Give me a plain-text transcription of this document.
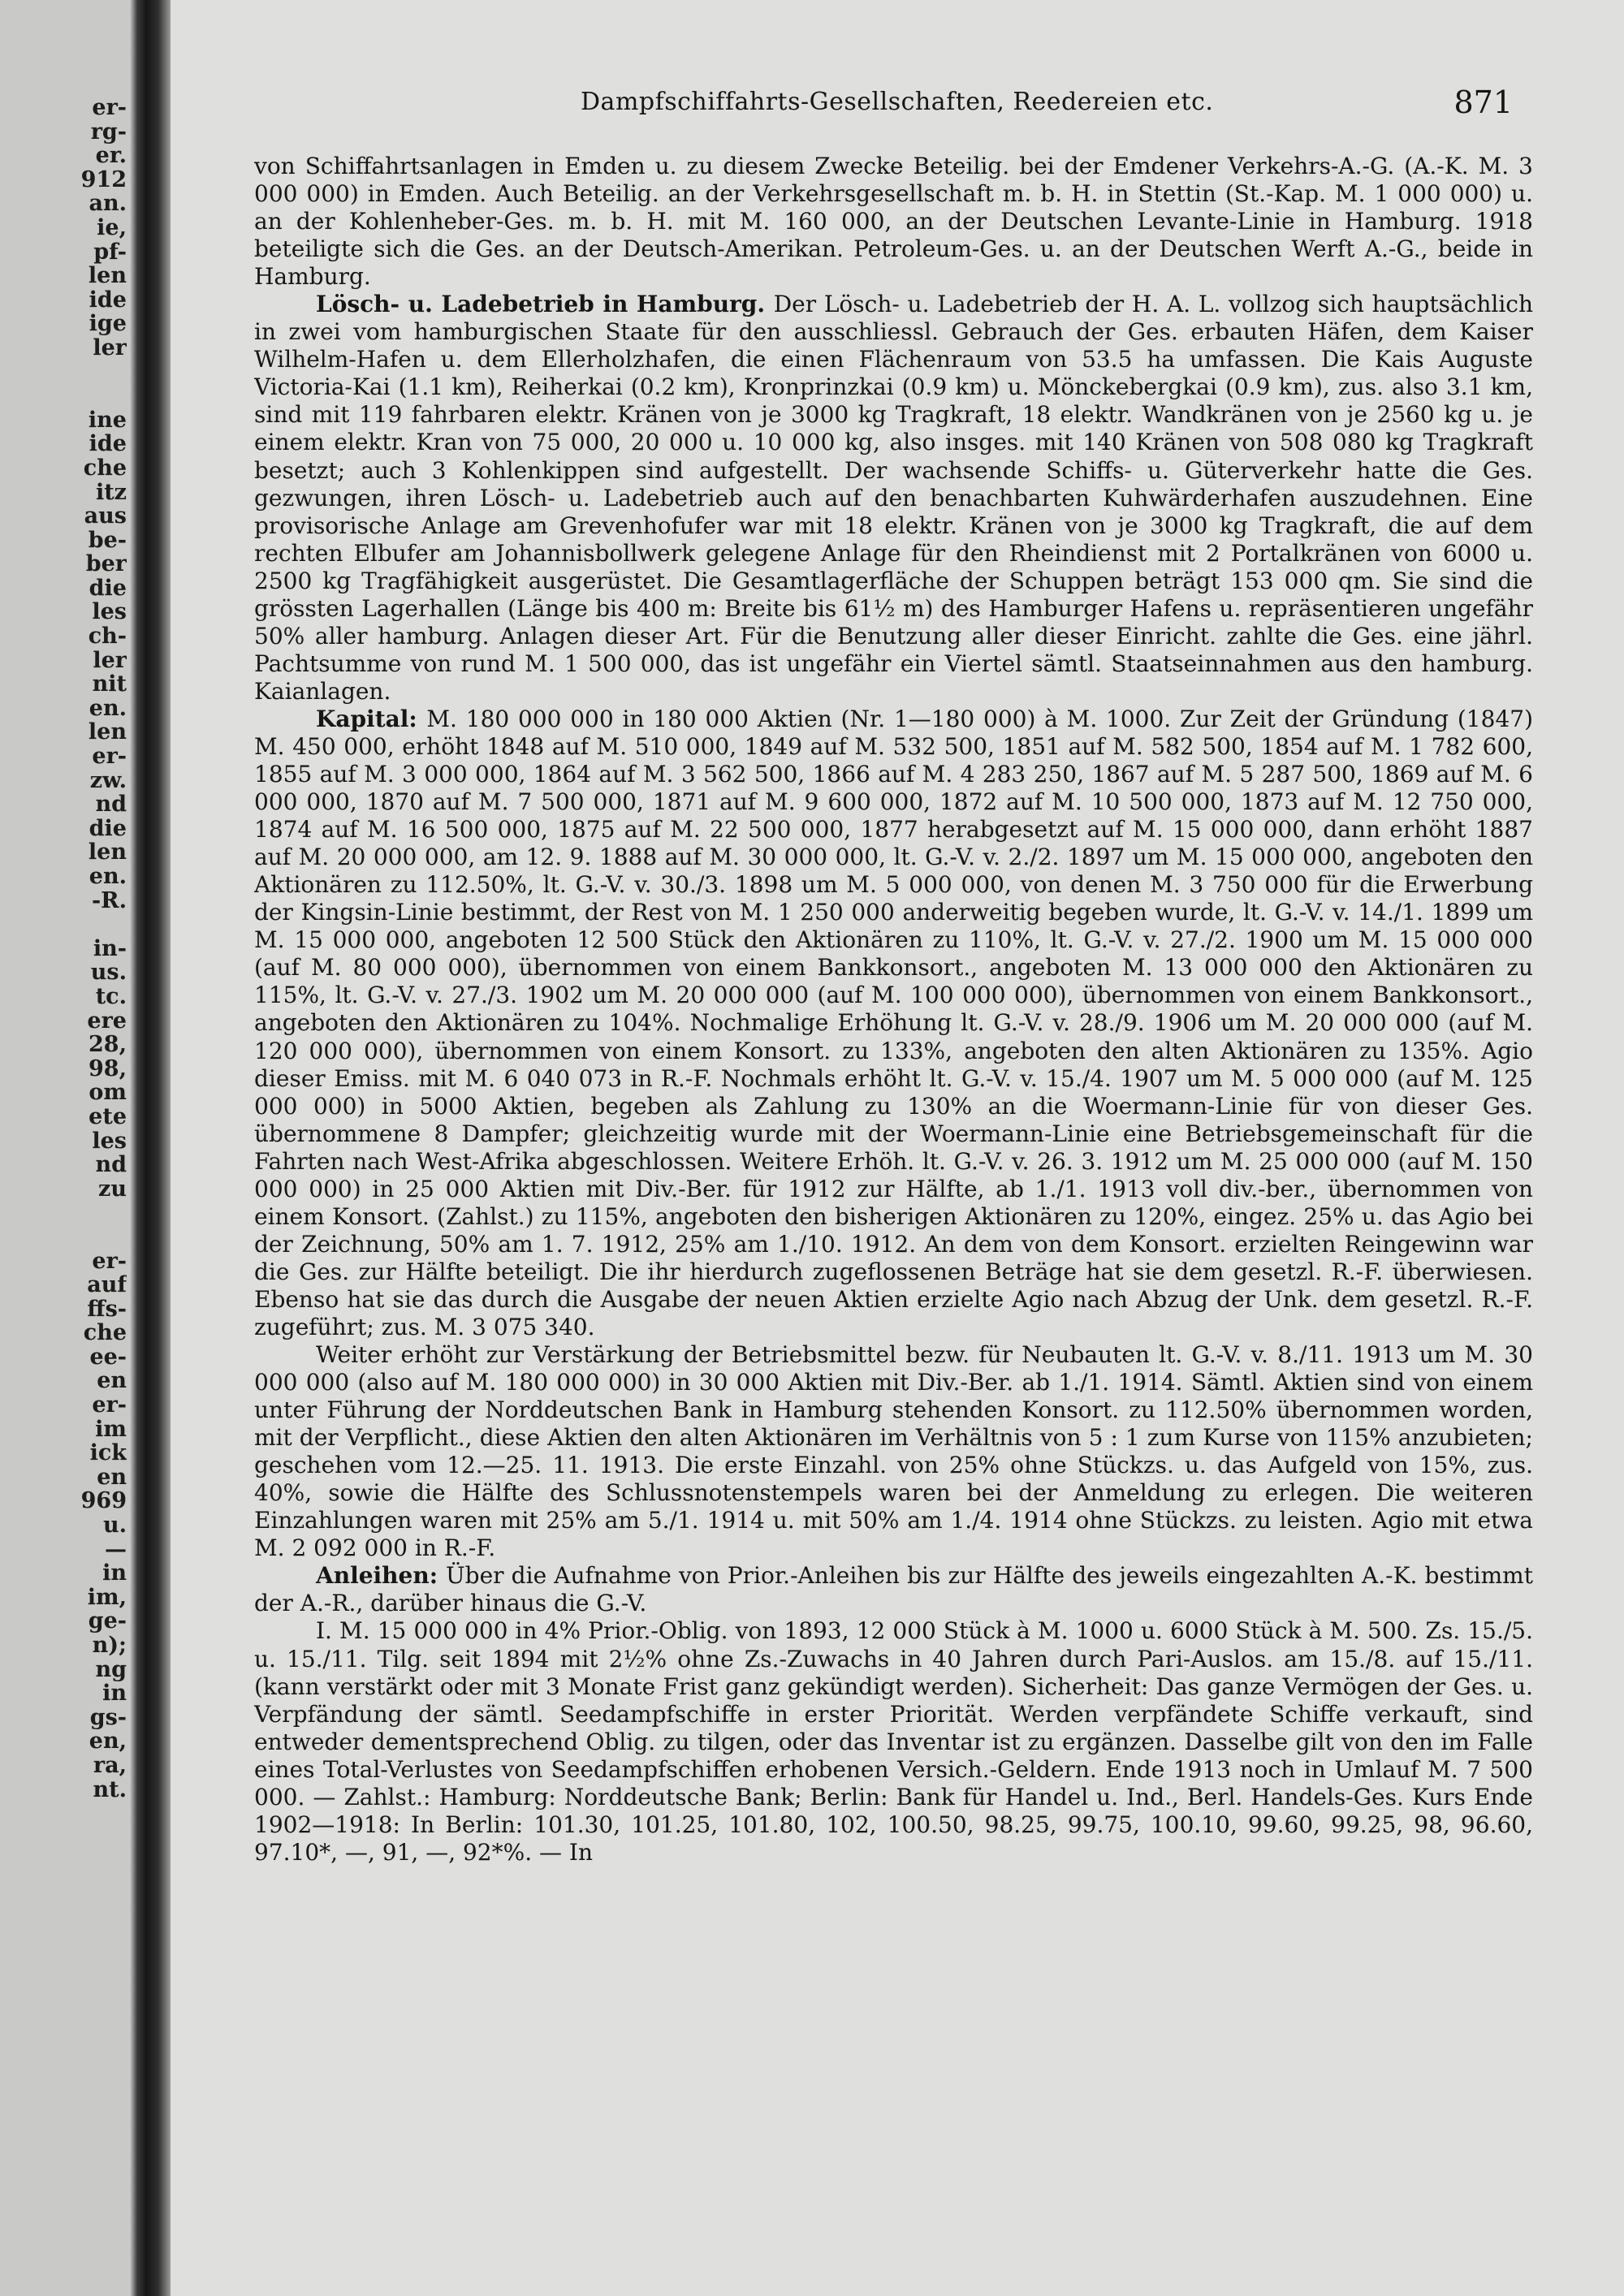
er-
rg-
er.
912
an.
ie,
pf-
len
ide
ige
ler
ine
ide
che
itz
aus
be-
ber
die
les
ch-
ler
nit
en.
len
er-
zw.
nd
die
len
en.
-R.
in-
us.
tc.
ere
28,
98,
om
ete
les
nd
zu
er-
auf
ffs-
che
ee-
en
er-
im
ick
en
969
u.
—
in
im,
ge-
n);
ng
in
gs-
en,
ra,
nt.
Dampfschiffahrts-Gesellschaften, Reedereien etc.	871

von Schiffahrtsanlagen in Emden u. zu diesem Zwecke Beteilig. bei der Emdener Verkehrs-A.-G. (A.-K. M. 3 000 000) in Emden. Auch Beteilig. an der Verkehrsgesellschaft m. b. H. in Stettin (St.-Kap. M. 1 000 000) u. an der Kohlenheber-Ges. m. b. H. mit M. 160 000, an der Deutschen Levante-Linie in Hamburg. 1918 beteiligte sich die Ges. an der Deutsch-Amerikan. Petroleum-Ges. u. an der Deutschen Werft A.-G., beide in Hamburg.

Lösch- u. Ladebetrieb in Hamburg. Der Lösch- u. Ladebetrieb der H. A. L. vollzog sich hauptsächlich in zwei vom hamburgischen Staate für den ausschliessl. Gebrauch der Ges. erbauten Häfen, dem Kaiser Wilhelm-Hafen u. dem Ellerholzhafen, die einen Flächenraum von 53.5 ha umfassen. Die Kais Auguste Victoria-Kai (1.1 km), Reiherkai (0.2 km), Kronprinzkai (0.9 km) u. Mönckebergkai (0.9 km), zus. also 3.1 km, sind mit 119 fahrbaren elektr. Kränen von je 3000 kg Tragkraft, 18 elektr. Wandkränen von je 2560 kg u. je einem elektr. Kran von 75 000, 20 000 u. 10 000 kg, also insges. mit 140 Kränen von 508 080 kg Tragkraft besetzt; auch 3 Kohlenkippen sind aufgestellt. Der wachsende Schiffs- u. Güterverkehr hatte die Ges. gezwungen, ihren Lösch- u. Ladebetrieb auch auf den benachbarten Kuhwärderhafen auszudehnen. Eine provisorische Anlage am Grevenhofufer war mit 18 elektr. Kränen von je 3000 kg Tragkraft, die auf dem rechten Elbufer am Johannisbollwerk gelegene Anlage für den Rheindienst mit 2 Portalkränen von 6000 u. 2500 kg Tragfähigkeit ausgerüstet. Die Gesamtlagerfläche der Schuppen beträgt 153 000 qm. Sie sind die grössten Lagerhallen (Länge bis 400 m: Breite bis 61½ m) des Hamburger Hafens u. repräsentieren ungefähr 50% aller hamburg. Anlagen dieser Art. Für die Benutzung aller dieser Einricht. zahlte die Ges. eine jährl. Pachtsumme von rund M. 1 500 000, das ist ungefähr ein Viertel sämtl. Staatseinnahmen aus den hamburg. Kaianlagen.

Kapital: M. 180 000 000 in 180 000 Aktien (Nr. 1—180 000) à M. 1000. Zur Zeit der Gründung (1847) M. 450 000, erhöht 1848 auf M. 510 000, 1849 auf M. 532 500, 1851 auf M. 582 500, 1854 auf M. 1 782 600, 1855 auf M. 3 000 000, 1864 auf M. 3 562 500, 1866 auf M. 4 283 250, 1867 auf M. 5 287 500, 1869 auf M. 6 000 000, 1870 auf M. 7 500 000, 1871 auf M. 9 600 000, 1872 auf M. 10 500 000, 1873 auf M. 12 750 000, 1874 auf M. 16 500 000, 1875 auf M. 22 500 000, 1877 herabgesetzt auf M. 15 000 000, dann erhöht 1887 auf M. 20 000 000, am 12. 9. 1888 auf M. 30 000 000, lt. G.-V. v. 2./2. 1897 um M. 15 000 000, angeboten den Aktionären zu 112.50%, lt. G.-V. v. 30./3. 1898 um M. 5 000 000, von denen M. 3 750 000 für die Erwerbung der Kingsin-Linie bestimmt, der Rest von M. 1 250 000 anderweitig begeben wurde, lt. G.-V. v. 14./1. 1899 um M. 15 000 000, angeboten 12 500 Stück den Aktionären zu 110%, lt. G.-V. v. 27./2. 1900 um M. 15 000 000 (auf M. 80 000 000), übernommen von einem Bankkonsort., angeboten M. 13 000 000 den Aktionären zu 115%, lt. G.-V. v. 27./3. 1902 um M. 20 000 000 (auf M. 100 000 000), übernommen von einem Bankkonsort., angeboten den Aktionären zu 104%. Nochmalige Erhöhung lt. G.-V. v. 28./9. 1906 um M. 20 000 000 (auf M. 120 000 000), übernommen von einem Konsort. zu 133%, angeboten den alten Aktionären zu 135%. Agio dieser Emiss. mit M. 6 040 073 in R.-F. Nochmals erhöht lt. G.-V. v. 15./4. 1907 um M. 5 000 000 (auf M. 125 000 000) in 5000 Aktien, begeben als Zahlung zu 130% an die Woermann-Linie für von dieser Ges. übernommene 8 Dampfer; gleichzeitig wurde mit der Woermann-Linie eine Betriebsgemeinschaft für die Fahrten nach West-Afrika abgeschlossen. Weitere Erhöh. lt. G.-V. v. 26. 3. 1912 um M. 25 000 000 (auf M. 150 000 000) in 25 000 Aktien mit Div.-Ber. für 1912 zur Hälfte, ab 1./1. 1913 voll div.-ber., übernommen von einem Konsort. (Zahlst.) zu 115%, angeboten den bisherigen Aktionären zu 120%, eingez. 25% u. das Agio bei der Zeichnung, 50% am 1. 7. 1912, 25% am 1./10. 1912. An dem von dem Konsort. erzielten Reingewinn war die Ges. zur Hälfte beteiligt. Die ihr hierdurch zugeflossenen Beträge hat sie dem gesetzl. R.-F. überwiesen. Ebenso hat sie das durch die Ausgabe der neuen Aktien erzielte Agio nach Abzug der Unk. dem gesetzl. R.-F. zugeführt; zus. M. 3 075 340.

Weiter erhöht zur Verstärkung der Betriebsmittel bezw. für Neubauten lt. G.-V. v. 8./11. 1913 um M. 30 000 000 (also auf M. 180 000 000) in 30 000 Aktien mit Div.-Ber. ab 1./1. 1914. Sämtl. Aktien sind von einem unter Führung der Norddeutschen Bank in Hamburg stehenden Konsort. zu 112.50% übernommen worden, mit der Verpflicht., diese Aktien den alten Aktionären im Verhältnis von 5 : 1 zum Kurse von 115% anzubieten; geschehen vom 12.—25. 11. 1913. Die erste Einzahl. von 25% ohne Stückzs. u. das Aufgeld von 15%, zus. 40%, sowie die Hälfte des Schlussnotenstempels waren bei der Anmeldung zu erlegen. Die weiteren Einzahlungen waren mit 25% am 5./1. 1914 u. mit 50% am 1./4. 1914 ohne Stückzs. zu leisten. Agio mit etwa M. 2 092 000 in R.-F.

Anleihen: Über die Aufnahme von Prior.-Anleihen bis zur Hälfte des jeweils eingezahlten A.-K. bestimmt der A.-R., darüber hinaus die G.-V.

I. M. 15 000 000 in 4% Prior.-Oblig. von 1893, 12 000 Stück à M. 1000 u. 6000 Stück à M. 500. Zs. 15./5. u. 15./11. Tilg. seit 1894 mit 2½% ohne Zs.-Zuwachs in 40 Jahren durch Pari-Auslos. am 15./8. auf 15./11. (kann verstärkt oder mit 3 Monate Frist ganz gekündigt werden). Sicherheit: Das ganze Vermögen der Ges. u. Verpfändung der sämtl. Seedampfschiffe in erster Priorität. Werden verpfändete Schiffe verkauft, sind entweder dementsprechend Oblig. zu tilgen, oder das Inventar ist zu ergänzen. Dasselbe gilt von den im Falle eines Total-Verlustes von Seedampfschiffen erhobenen Versich.-Geldern. Ende 1913 noch in Umlauf M. 7 500 000. — Zahlst.: Hamburg: Norddeutsche Bank; Berlin: Bank für Handel u. Ind., Berl. Handels-Ges. Kurs Ende 1902—1918: In Berlin: 101.30, 101.25, 101.80, 102, 100.50, 98.25, 99.75, 100.10, 99.60, 99.25, 98, 96.60, 97.10*, —, 91, —, 92*%. — In
